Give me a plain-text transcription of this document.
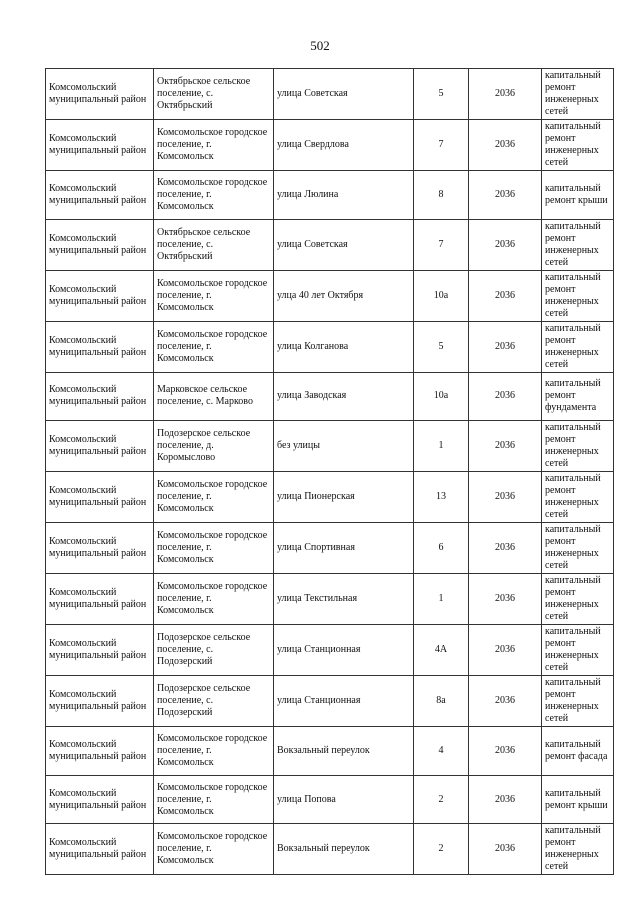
502
Комсомольский муниципальный район	Октябрьское сельское поселение, с. Октябрьский	улица Советская	5	2036	капитальный ремонт инженерных сетей
Комсомольский муниципальный район	Комсомольское городское поселение, г. Комсомольск	улица Свердлова	7	2036	капитальный ремонт инженерных сетей
Комсомольский муниципальный район	Комсомольское городское поселение, г. Комсомольск	улица Люлина	8	2036	капитальный ремонт крыши
Комсомольский муниципальный район	Октябрьское сельское поселение, с. Октябрьский	улица Советская	7	2036	капитальный ремонт инженерных сетей
Комсомольский муниципальный район	Комсомольское городское поселение, г. Комсомольск	улца 40 лет Октября	10а	2036	капитальный ремонт инженерных сетей
Комсомольский муниципальный район	Комсомольское городское поселение, г. Комсомольск	улица Колганова	5	2036	капитальный ремонт инженерных сетей
Комсомольский муниципальный район	Марковское сельское поселение, с. Марково	улица Заводская	10а	2036	капитальный ремонт фундамента
Комсомольский муниципальный район	Подозерское сельское поселение, д. Коромыслово	без улицы	1	2036	капитальный ремонт инженерных сетей
Комсомольский муниципальный район	Комсомольское городское поселение, г. Комсомольск	улица Пионерская	13	2036	капитальный ремонт инженерных сетей
Комсомольский муниципальный район	Комсомольское городское поселение, г. Комсомольск	улица Спортивная	6	2036	капитальный ремонт инженерных сетей
Комсомольский муниципальный район	Комсомольское городское поселение, г. Комсомольск	улица Текстильная	1	2036	капитальный ремонт инженерных сетей
Комсомольский муниципальный район	Подозерское сельское поселение, с. Подозерский	улица Станционная	4А	2036	капитальный ремонт инженерных сетей
Комсомольский муниципальный район	Подозерское сельское поселение, с. Подозерский	улица Станционная	8а	2036	капитальный ремонт инженерных сетей
Комсомольский муниципальный район	Комсомольское городское поселение, г. Комсомольск	Вокзальный переулок	4	2036	капитальный ремонт фасада
Комсомольский муниципальный район	Комсомольское городское поселение, г. Комсомольск	улица Попова	2	2036	капитальный ремонт крыши
Комсомольский муниципальный район	Комсомольское городское поселение, г. Комсомольск	Вокзальный переулок	2	2036	капитальный ремонт инженерных сетей
